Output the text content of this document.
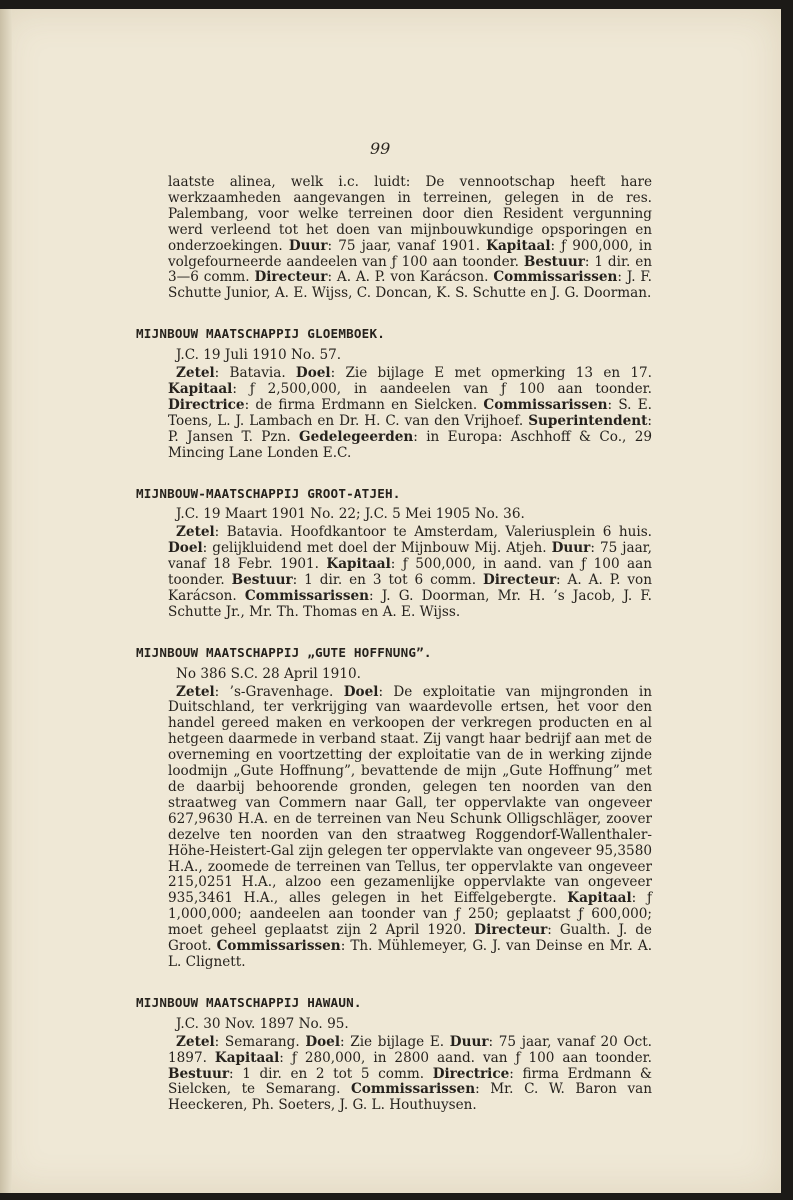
99

laatste alinea, welk i.c. luidt: De vennootschap heeft hare werkzaamheden aangevangen in terreinen, gelegen in de res. Palembang, voor welke terreinen door dien Resident vergunning werd verleend tot het doen van mijnbouwkundige opsporingen en onderzoekingen. Duur: 75 jaar, vanaf 1901. Kapitaal: ƒ 900,000, in volgefourneerde aandeelen van ƒ 100 aan toonder. Bestuur: 1 dir. en 3—6 comm. Directeur: A. A. P. von Karácson. Commissarissen: J. F. Schutte Junior, A. E. Wijss, C. Doncan, K. S. Schutte en J. G. Doorman.

MIJNBOUW MAATSCHAPPIJ GLOEMBOEK.

J.C. 19 Juli 1910 No. 57.

Zetel: Batavia. Doel: Zie bijlage E met opmerking 13 en 17. Kapitaal: ƒ 2,500,000, in aandeelen van ƒ 100 aan toonder. Directrice: de firma Erdmann en Sielcken. Commissarissen: S. E. Toens, L. J. Lambach en Dr. H. C. van den Vrijhoef. Superintendent: P. Jansen T. Pzn. Gedelegeerden: in Europa: Aschhoff & Co., 29 Mincing Lane Londen E.C.

MIJNBOUW-MAATSCHAPPIJ GROOT-ATJEH.

J.C. 19 Maart 1901 No. 22; J.C. 5 Mei 1905 No. 36.

Zetel: Batavia. Hoofdkantoor te Amsterdam, Valeriusplein 6 huis. Doel: gelijkluidend met doel der Mijnbouw Mij. Atjeh. Duur: 75 jaar, vanaf 18 Febr. 1901. Kapitaal: ƒ 500,000, in aand. van ƒ 100 aan toonder. Bestuur: 1 dir. en 3 tot 6 comm. Directeur: A. A. P. von Karácson. Commissarissen: J. G. Doorman, Mr. H. ’s Jacob, J. F. Schutte Jr., Mr. Th. Thomas en A. E. Wijss.

MIJNBOUW MAATSCHAPPIJ „GUTE HOFFNUNG”.

No 386 S.C. 28 April 1910.

Zetel: ’s-Gravenhage. Doel: De exploitatie van mijngronden in Duitschland, ter verkrijging van waardevolle ertsen, het voor den handel gereed maken en verkoopen der verkregen producten en al hetgeen daarmede in verband staat. Zij vangt haar bedrijf aan met de overneming en voortzetting der exploitatie van de in werking zijnde loodmijn „Gute Hoffnung”, bevattende de mijn „Gute Hoffnung” met de daarbij behoorende gronden, gelegen ten noorden van den straatweg van Commern naar Gall, ter oppervlakte van ongeveer 627,9630 H.A. en de terreinen van Neu Schunk Olligschläger, zoover dezelve ten noorden van den straatweg Roggendorf-Wallenthaler-Höhe-Heistert-Gal zijn gelegen ter oppervlakte van ongeveer 95,3580 H.A., zoomede de terreinen van Tellus, ter oppervlakte van ongeveer 215,0251 H.A., alzoo een gezamenlijke oppervlakte van ongeveer 935,3461 H.A., alles gelegen in het Eiffelgebergte. Kapitaal: ƒ 1,000,000; aandeelen aan toonder van ƒ 250; geplaatst ƒ 600,000; moet geheel geplaatst zijn 2 April 1920. Directeur: Gualth. J. de Groot. Commissarissen: Th. Mühlemeyer, G. J. van Deinse en Mr. A. L. Clignett.

MIJNBOUW MAATSCHAPPIJ HAWAUN.

J.C. 30 Nov. 1897 No. 95.

Zetel: Semarang. Doel: Zie bijlage E. Duur: 75 jaar, vanaf 20 Oct. 1897. Kapitaal: ƒ 280,000, in 2800 aand. van ƒ 100 aan toonder. Bestuur: 1 dir. en 2 tot 5 comm. Directrice: firma Erdmann & Sielcken, te Semarang. Commissarissen: Mr. C. W. Baron van Heeckeren, Ph. Soeters, J. G. L. Houthuysen.
